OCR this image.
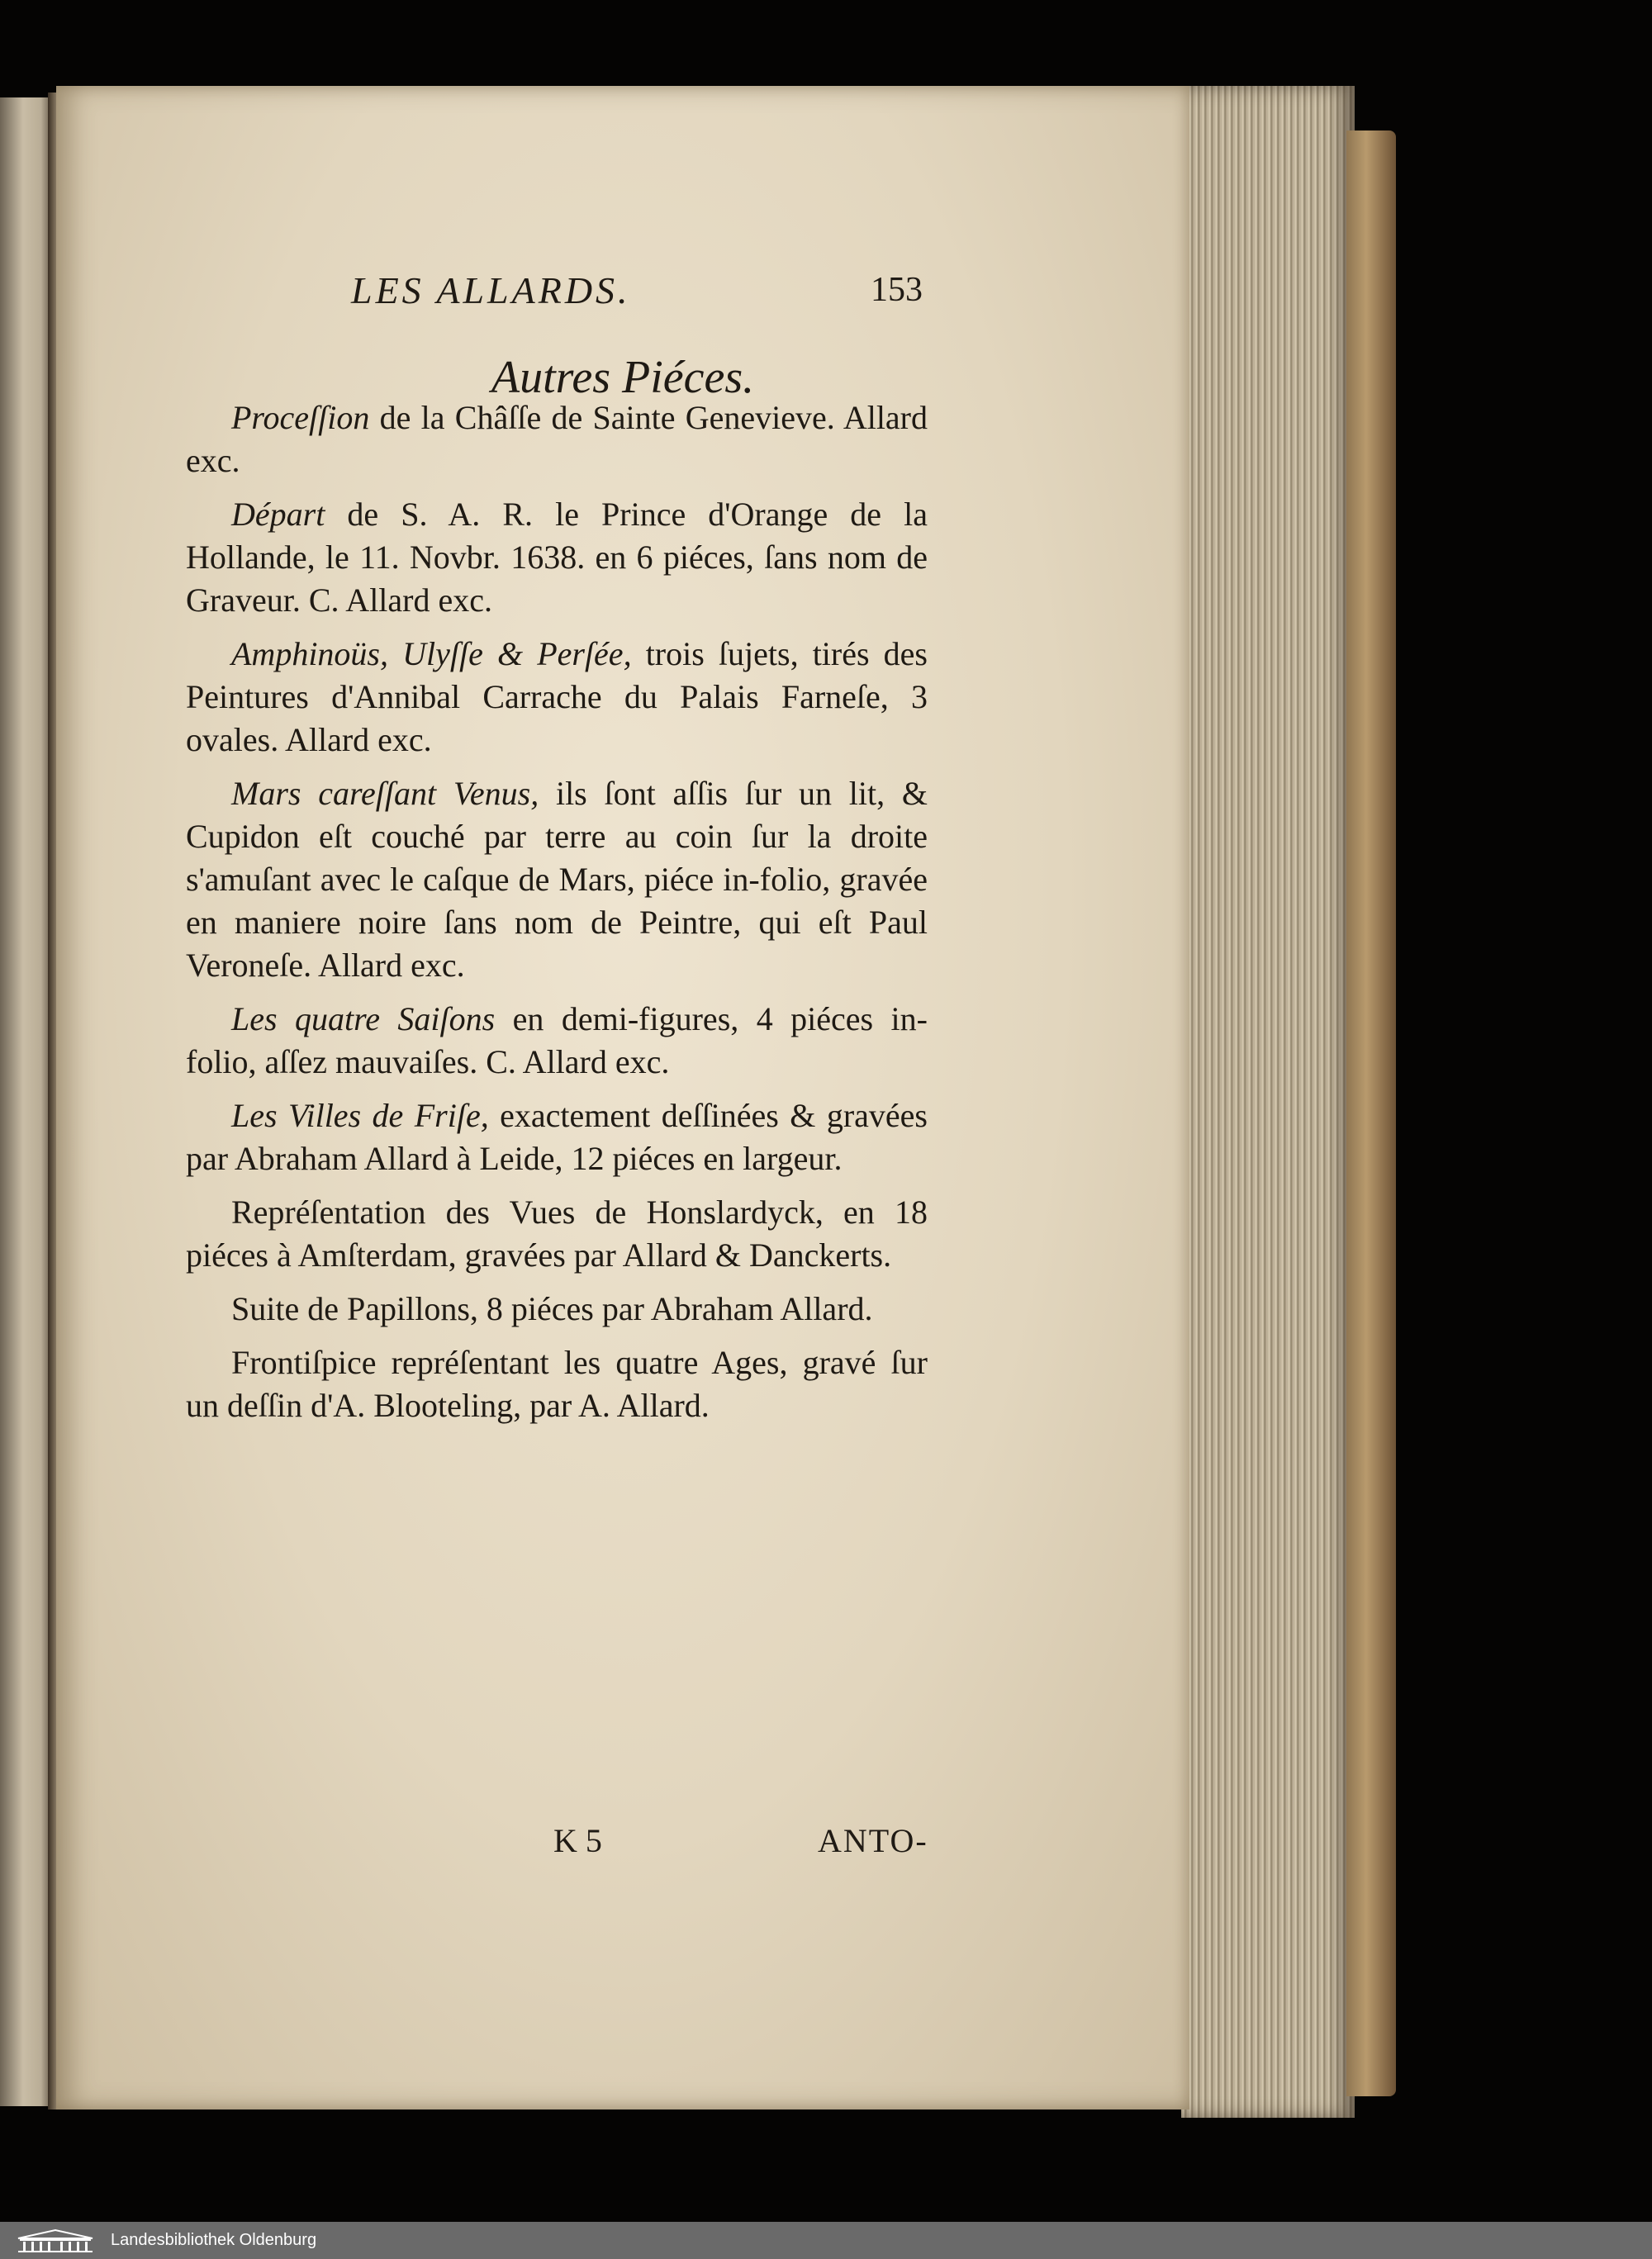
LES ALLARDS.	153
Autres Piéces.

Proceſſion de la Châſſe de Sainte Genevieve. Allard exc.

Départ de S. A. R. le Prince d'Orange de la Hollande, le 11. Novbr. 1638. en 6 piéces, ſans nom de Graveur. C. Allard exc.

Amphinoüs, Ulyſſe & Perſée, trois ſujets, tirés des Peintures d'Annibal Carrache du Palais Farneſe, 3 ovales. Allard exc.

Mars careſſant Venus, ils ſont aſſis ſur un lit, & Cupidon eſt couché par terre au coin ſur la droite s'amuſant avec le caſque de Mars, piéce in-folio, gravée en maniere noire ſans nom de Peintre, qui eſt Paul Veroneſe. Allard exc.

Les quatre Saiſons en demi-figures, 4 piéces in-folio, aſſez mauvaiſes. C. Allard exc.

Les Villes de Friſe, exactement deſſinées & gravées par Abraham Allard à Leide, 12 piéces en largeur.

Repréſentation des Vues de Honslardyck, en 18 piéces à Amſterdam, gravées par Allard & Danckerts.

Suite de Papillons, 8 piéces par Abraham Allard.

Frontiſpice repréſentant les quatre Ages, gravé ſur un deſſin d'A. Blooteling, par A. Allard.

K 5	ANTO-
Landesbibliothek Oldenburg
